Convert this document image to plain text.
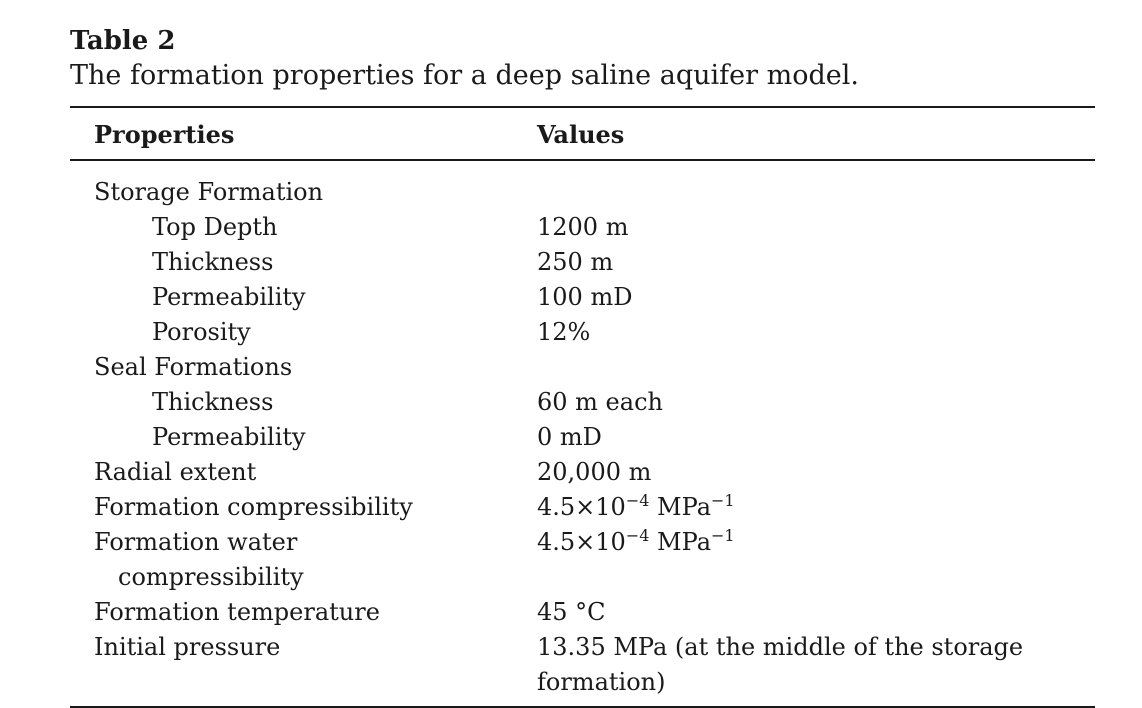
Table 2

The formation properties for a deep saline aquifer model.

Properties	Values
Storage Formation	
Top Depth	1200 m
Thickness	250 m
Permeability	100 mD
Porosity	12%
Seal Formations	
Thickness	60 m each
Permeability	0 mD
Radial extent	20,000 m
Formation compressibility	$4.5\times 10^{-4}$ MPa$^{-1}$
Formation water
compressibility	$4.5\times 10^{-4}$ MPa$^{-1}$
Formation temperature	45 °C
Initial pressure	13.35 MPa (at the middle of the storage formation)
